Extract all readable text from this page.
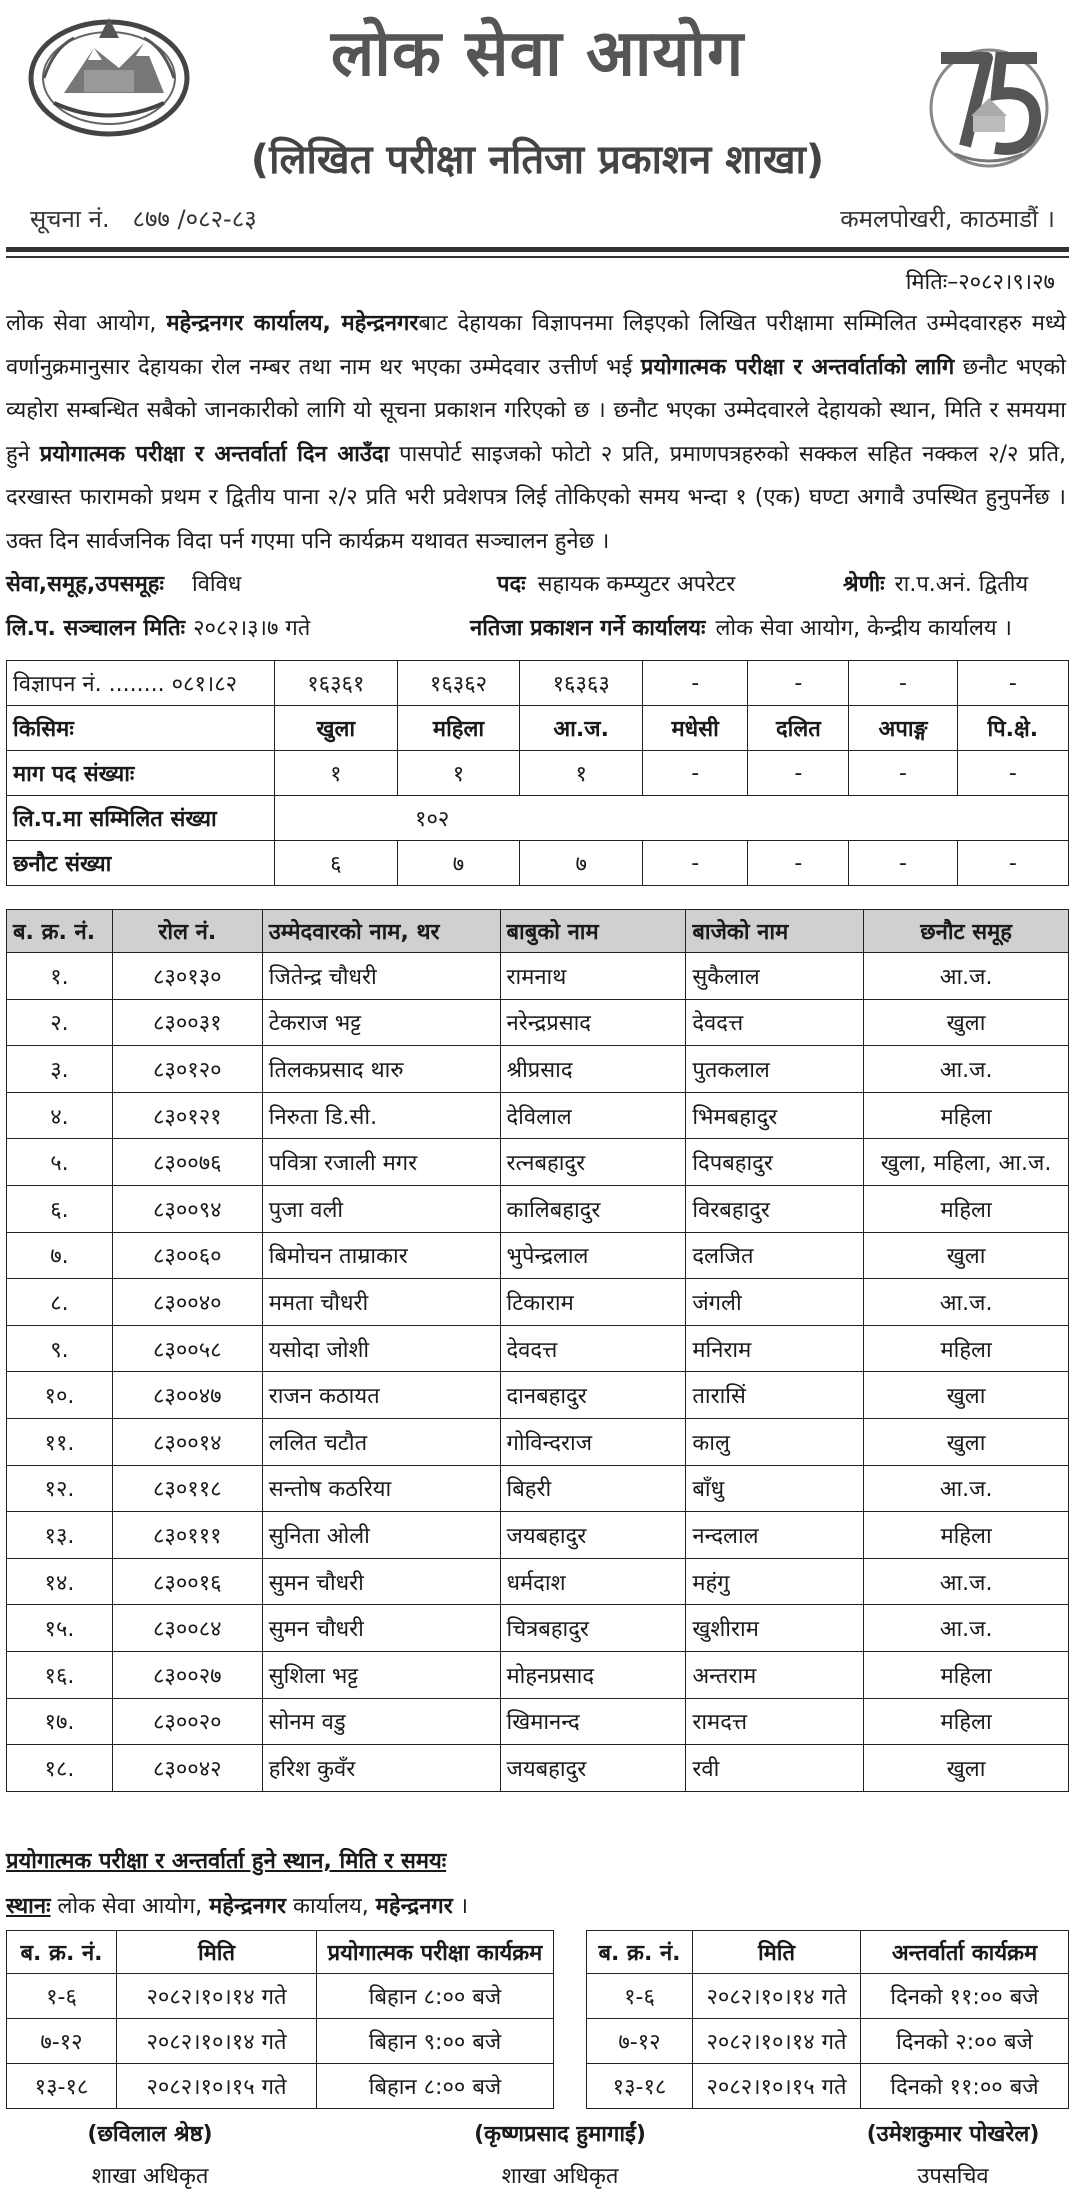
लोक सेवा आयोग
(लिखित परीक्षा नतिजा प्रकाशन शाखा)
सूचना नं.   ८७७ /०८२-८३	कमलपोखरी, काठमाडौं ।
मितिः–२०८२।९।२७
लोक सेवा आयोग, महेन्द्रनगर कार्यालय, महेन्द्रनगरबाट देहायका विज्ञापनमा लिइएको लिखित परीक्षामा सम्मिलित उम्मेदवारहरु मध्ये वर्णानुक्रमानुसार देहायका रोल नम्बर तथा नाम थर भएका उम्मेदवार उत्तीर्ण भई प्रयोगात्मक परीक्षा र अन्तर्वार्ताको लागि छनौट भएको व्यहोरा सम्बन्धित सबैको जानकारीको लागि यो सूचना प्रकाशन गरिएको छ । छनौट भएका उम्मेदवारले देहायको स्थान, मिति र समयमा हुने प्रयोगात्मक परीक्षा र अन्तर्वार्ता दिन आउँदा पासपोर्ट साइजको फोटो २ प्रति, प्रमाणपत्रहरुको सक्कल सहित नक्कल २/२ प्रति, दरखास्त फारामको प्रथम र द्वितीय पाना २/२ प्रति भरी प्रवेशपत्र लिई तोकिएको समय भन्दा १ (एक) घण्टा अगावै उपस्थित हुनुपर्नेछ । उक्त दिन सार्वजनिक विदा पर्न गएमा पनि कार्यक्रम यथावत सञ्चालन हुनेछ ।
सेवा,समूह,उपसमूहः विविध	पदः सहायक कम्प्युटर अपरेटर	श्रेणीः रा.प.अनं. द्वितीय
लि.प. सञ्चालन मितिः २०८२।३।७ गते	नतिजा प्रकाशन गर्ने कार्यालयः लोक सेवा आयोग, केन्द्रीय कार्यालय ।
विज्ञापन नं. ........ ०८१।८२	१६३६१	१६३६२	१६३६३	-	-	-	-
किसिमः	खुला	महिला	आ.ज.	मधेसी	दलित	अपाङ्ग	पि.क्षे.
माग पद संख्याः	१	१	१	-	-	-	-
लि.प.मा सम्मिलित संख्या	१०२						
छनौट संख्या	६	७	७	-	-	-	-
ब. क्र. नं.	रोल नं.	उम्मेदवारको नाम, थर	बाबुको नाम	बाजेको नाम	छनौट समूह
१.	८३०१३०	जितेन्द्र चौधरी	रामनाथ	सुकैलाल	आ.ज.
२.	८३००३१	टेकराज भट्ट	नरेन्द्रप्रसाद	देवदत्त	खुला
३.	८३०१२०	तिलकप्रसाद थारु	श्रीप्रसाद	पुतकलाल	आ.ज.
४.	८३०१२१	निरुता डि.सी.	देविलाल	भिमबहादुर	महिला
५.	८३००७६	पवित्रा रजाली मगर	रत्नबहादुर	दिपबहादुर	खुला, महिला, आ.ज.
६.	८३००९४	पुजा वली	कालिबहादुर	विरबहादुर	महिला
७.	८३००६०	बिमोचन ताम्राकार	भुपेन्द्रलाल	दलजित	खुला
८.	८३००४०	ममता चौधरी	टिकाराम	जंगली	आ.ज.
९.	८३००५८	यसोदा जोशी	देवदत्त	मनिराम	महिला
१०.	८३००४७	राजन कठायत	दानबहादुर	तारासिं	खुला
११.	८३००१४	ललित चटौत	गोविन्दराज	कालु	खुला
१२.	८३०११८	सन्तोष कठरिया	बिहरी	बाँधु	आ.ज.
१३.	८३०१११	सुनिता ओली	जयबहादुर	नन्दलाल	महिला
१४.	८३००१६	सुमन चौधरी	धर्मदाश	महंगु	आ.ज.
१५.	८३००८४	सुमन चौधरी	चित्रबहादुर	खुशीराम	आ.ज.
१६.	८३००२७	सुशिला भट्ट	मोहनप्रसाद	अन्तराम	महिला
१७.	८३००२०	सोनम वडु	खिमानन्द	रामदत्त	महिला
१८.	८३००४२	हरिश कुवँर	जयबहादुर	रवी	खुला
प्रयोगात्मक परीक्षा र अन्तर्वार्ता हुने स्थान, मिति र समयः
स्थानः लोक सेवा आयोग, महेन्द्रनगर कार्यालय, महेन्द्रनगर ।
ब. क्र. नं.	मिति	प्रयोगात्मक परीक्षा कार्यक्रम
१-६	२०८२।१०।१४ गते	बिहान ८:०० बजे
७-१२	२०८२।१०।१४ गते	बिहान ९:०० बजे
१३-१८	२०८२।१०।१५ गते	बिहान ८:०० बजे
ब. क्र. नं.	मिति	अन्तर्वार्ता कार्यक्रम
१-६	२०८२।१०।१४ गते	दिनको ११:०० बजे
७-१२	२०८२।१०।१४ गते	दिनको २:०० बजे
१३-१८	२०८२।१०।१५ गते	दिनको ११:०० बजे
(छविलाल श्रेष्ठ)
शाखा अधिकृत
(कृष्णप्रसाद हुमागाईं)
शाखा अधिकृत
(उमेशकुमार पोखरेल)
उपसचिव
